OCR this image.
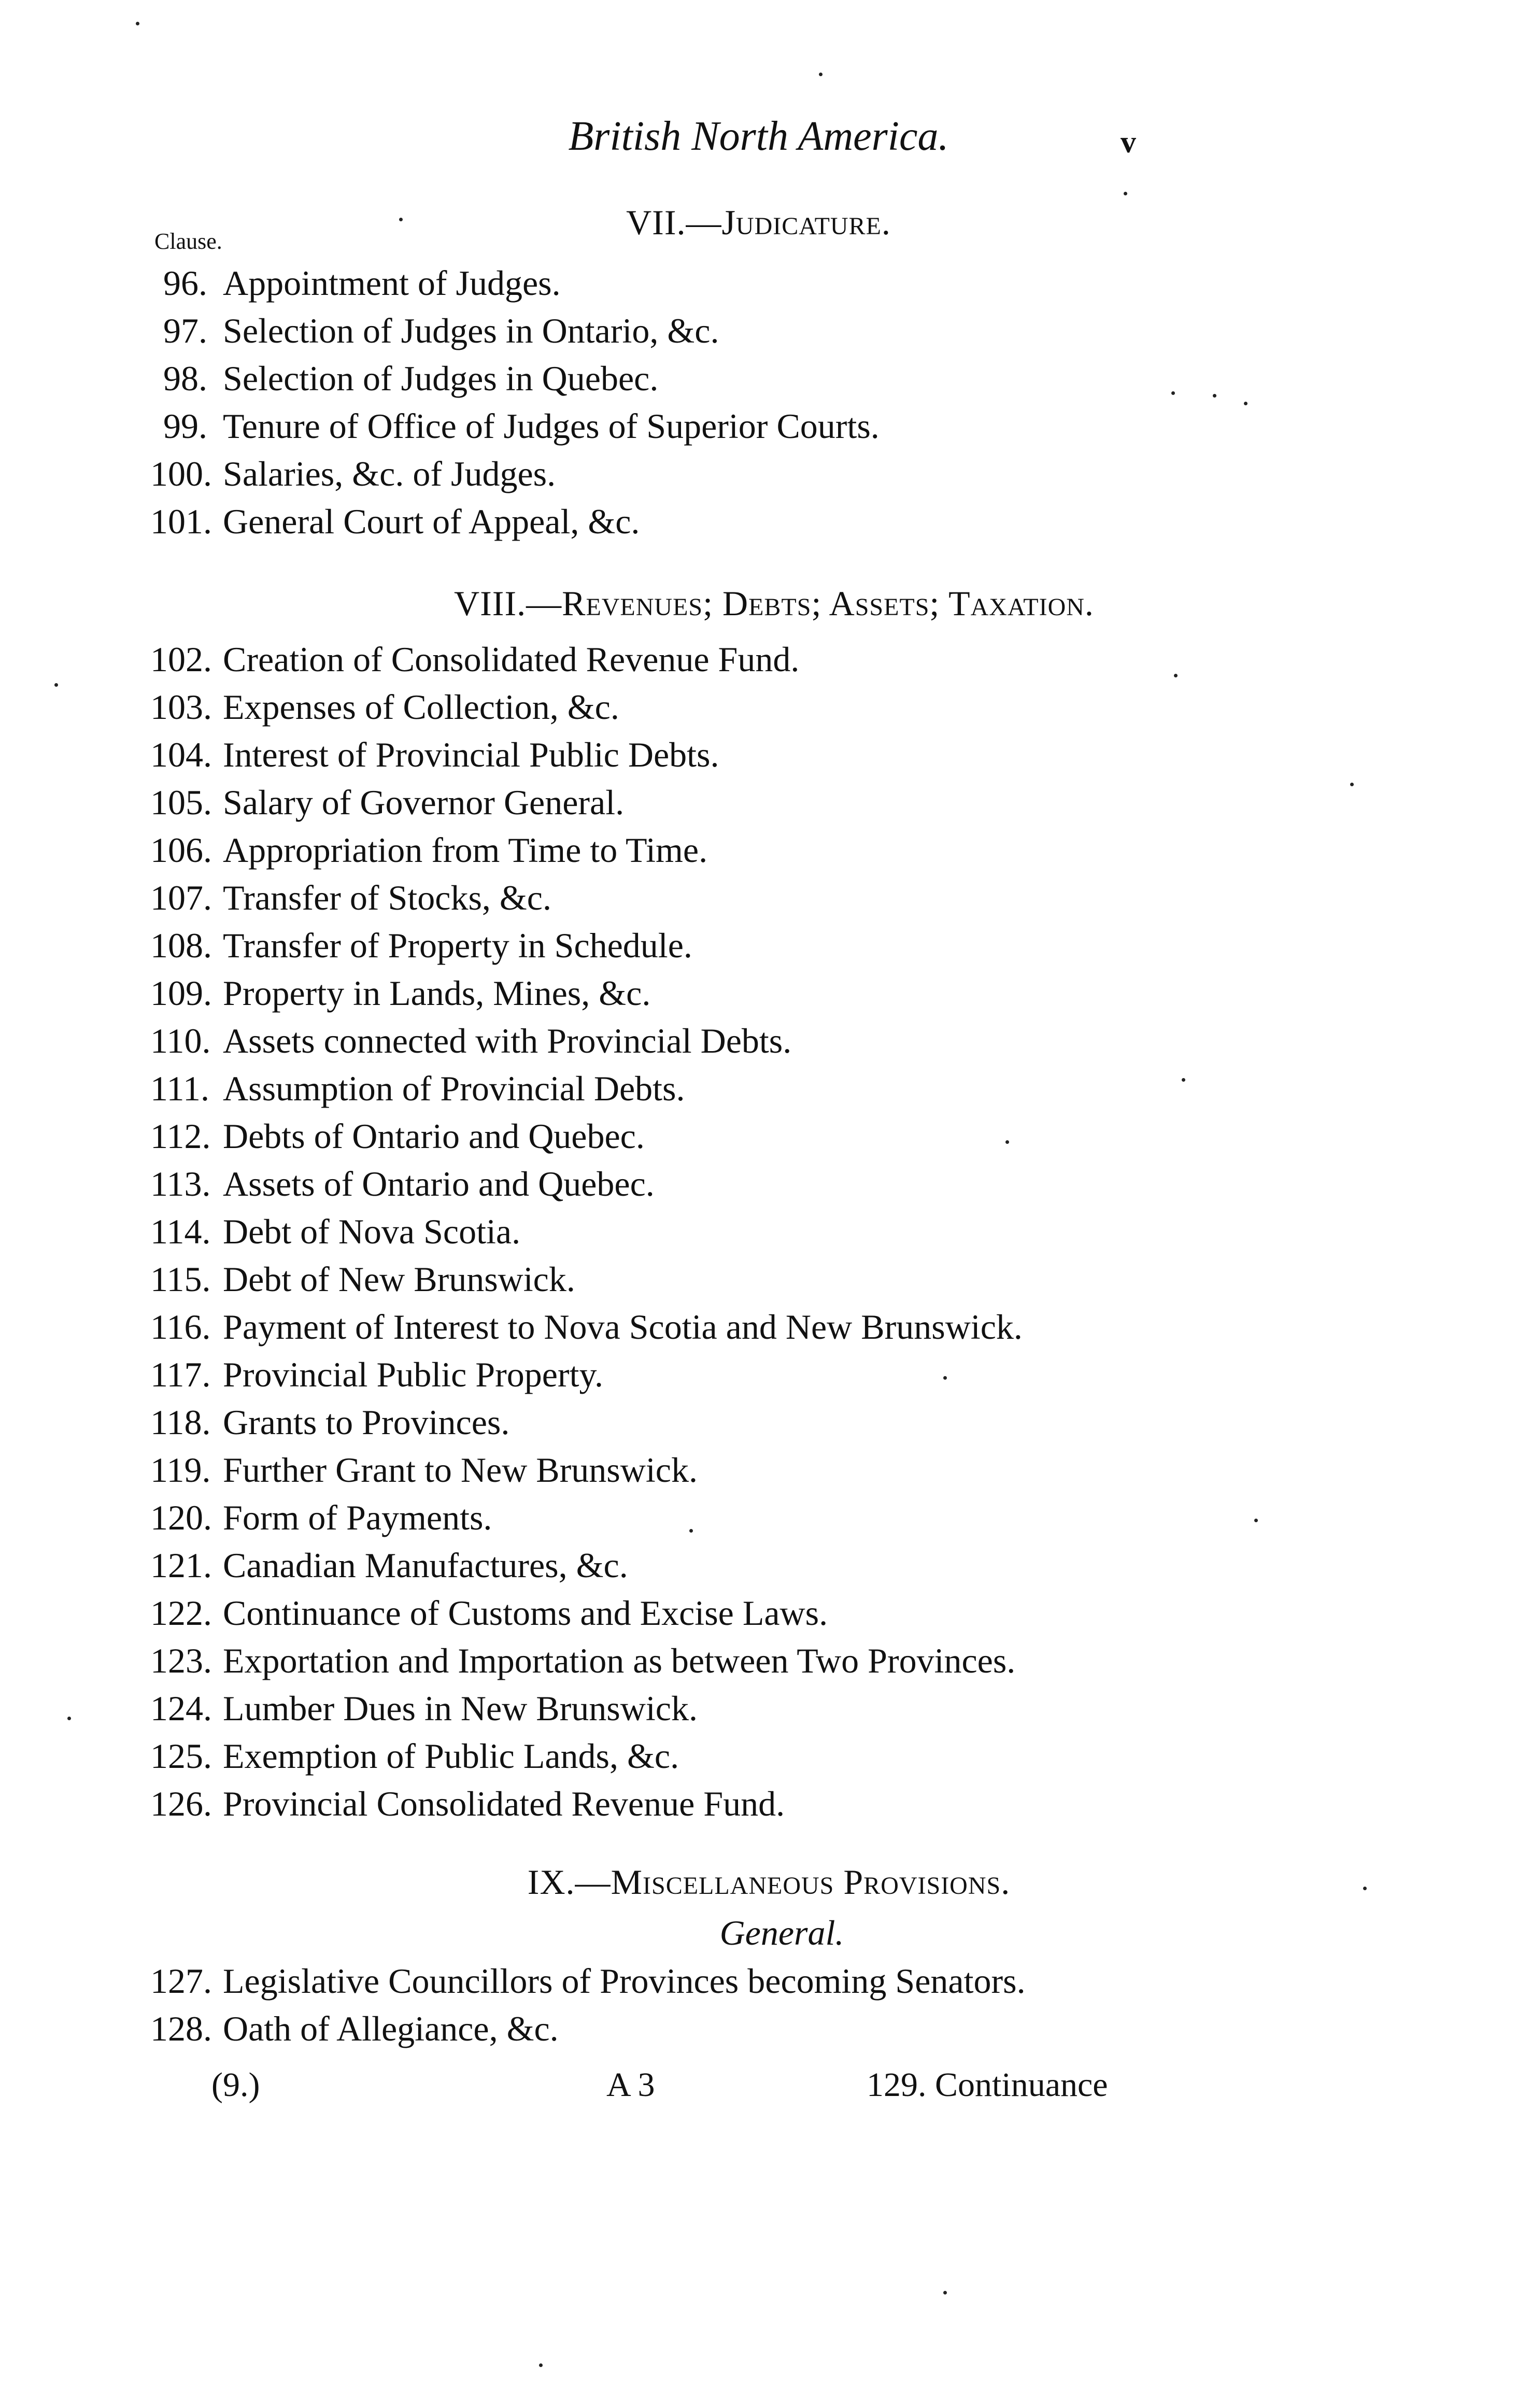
British North America.	v
VII.—Judicature.
Clause.
96. Appointment of Judges.
97. Selection of Judges in Ontario, &c.
98. Selection of Judges in Quebec.
99. Tenure of Office of Judges of Superior Courts.
100. Salaries, &c. of Judges.
101. General Court of Appeal, &c.
VIII.—Revenues; Debts; Assets; Taxation.
102. Creation of Consolidated Revenue Fund.
103. Expenses of Collection, &c.
104. Interest of Provincial Public Debts.
105. Salary of Governor General.
106. Appropriation from Time to Time.
107. Transfer of Stocks, &c.
108. Transfer of Property in Schedule.
109. Property in Lands, Mines, &c.
110. Assets connected with Provincial Debts.
111. Assumption of Provincial Debts.
112. Debts of Ontario and Quebec.
113. Assets of Ontario and Quebec.
114. Debt of Nova Scotia.
115. Debt of New Brunswick.
116. Payment of Interest to Nova Scotia and New Brunswick.
117. Provincial Public Property.
118. Grants to Provinces.
119. Further Grant to New Brunswick.
120. Form of Payments.
121. Canadian Manufactures, &c.
122. Continuance of Customs and Excise Laws.
123. Exportation and Importation as between Two Provinces.
124. Lumber Dues in New Brunswick.
125. Exemption of Public Lands, &c.
126. Provincial Consolidated Revenue Fund.
IX.—Miscellaneous Provisions.
General.
127. Legislative Councillors of Provinces becoming Senators.
128. Oath of Allegiance, &c.
(9.)	A 3	129. Continuance
